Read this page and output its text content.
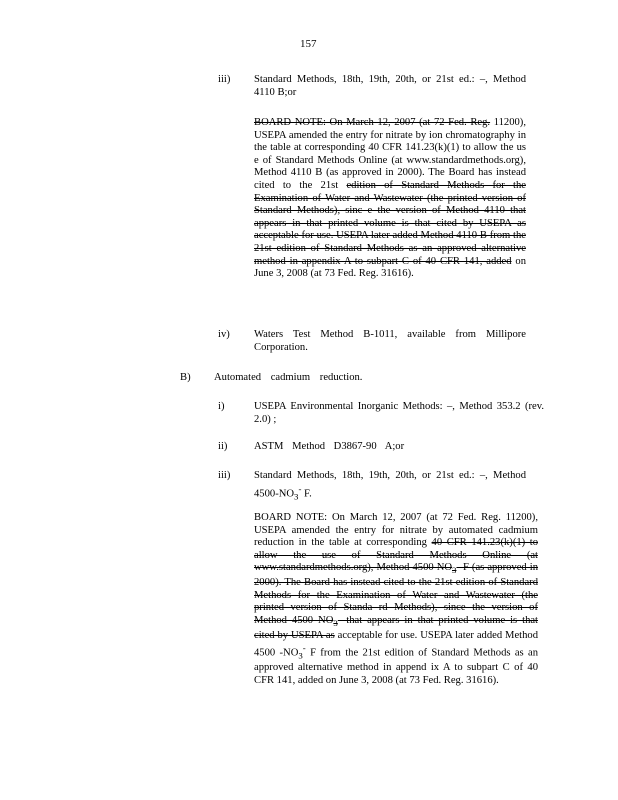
157
iii) Standard Methods, 18th, 19th, 20th, or 21st ed.: –, Method 4110 B;or
BOARD NOTE: On March 12, 2007 (at 72 Fed. Reg. 11200), USEPA amended the entry for nitrate by ion chromatography in the table at corresponding 40 CFR 141.23(k)(1) to allow the us e of Standard Methods Online (at www.standardmethods.org), Method 4110 B (as approved in 2000). The Board has instead cited to the 21st edition of Standard Methods for the Examination of Water and Wastewater (the printed version of Standard Methods), sinc e the version of Method 4110 that appears in that printed volume is that cited by USEPA as acceptable for use. USEPA later added Method 4110 B from the 21st edition of Standard Methods as an approved alternative method in appendix A to subpart C of 40 CFR 141, added on June 3, 2008 (at 73 Fed. Reg. 31616).
iv) Waters Test Method B-1011, available from Millipore Corporation.
B) Automated cadmium reduction.
i)	USEPA Environmental Inorganic Methods: –, Method 353.2 (rev. 2.0) ;
ii)	ASTM Method D3867-90 A;or
iii) Standard Methods, 18th, 19th, 20th, or 21st ed.: –, Method $4500-NO_3^-$ F.
BOARD NOTE: On March 12, 2007 (at 72 Fed. Reg. 11200), USEPA amended the entry for nitrate by automated cadmium reduction in the table at corresponding 40 CFR 141.23(k)(1) to allow the use of Standard Methods Online (at www.standardmethods.org), Method 4500 $NO_3-$ F (as approved in 2000). The Board has instead cited to the 21st edition of Standard Methods for the Examination of Water and Wastewater (the printed version of Standa rd Methods), since the version of Method 4500 $NO_3-$ that appears in that printed volume is that cited by USEPA as acceptable for use. USEPA later added Method 4500 $-NO_3^-$ F from the 21st edition of Standard Methods as an approved alternative method in append ix A to subpart C of 40 CFR 141, added on June 3, 2008 (at 73 Fed. Reg. 31616).
